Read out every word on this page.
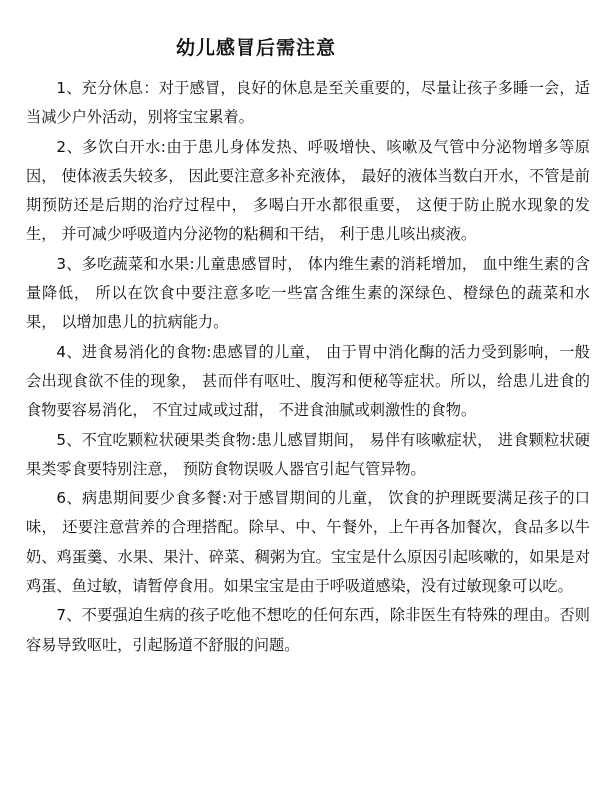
幼儿感冒后需注意

1、充分休息：对于感冒，良好的休息是至关重要的，尽量让孩子多睡一会，适当减少户外活动，别将宝宝累着。

2、多饮白开水:由于患儿身体发热、呼吸增快、咳嗽及气管中分泌物增多等原因， 使体液丢失较多， 因此要注意多补充液体， 最好的液体当数白开水，不管是前期预防还是后期的治疗过程中， 多喝白开水都很重要， 这便于防止脱水现象的发生， 并可减少呼吸道内分泌物的粘稠和干结， 利于患儿咳出痰液。

3、多吃蔬菜和水果:儿童患感冒时， 体内维生素的消耗增加， 血中维生素的含量降低， 所以在饮食中要注意多吃一些富含维生素的深绿色、橙绿色的蔬菜和水果， 以增加患儿的抗病能力。

4、进食易消化的食物:患感冒的儿童， 由于胃中消化酶的活力受到影响，一般会出现食欲不佳的现象， 甚而伴有呕吐、腹泻和便秘等症状。所以，给患儿进食的食物要容易消化， 不宜过咸或过甜， 不进食油腻或刺激性的食物。

5、不宜吃颗粒状硬果类食物:患儿感冒期间， 易伴有咳嗽症状， 进食颗粒状硬果类零食要特别注意， 预防食物误吸人器官引起气管异物。

6、病患期间要少食多餐:对于感冒期间的儿童， 饮食的护理既要满足孩子的口味， 还要注意营养的合理搭配。除早、中、午餐外，上午再各加餐次，食品多以牛奶、鸡蛋羹、水果、果汁、碎菜、稠粥为宜。宝宝是什么原因引起咳嗽的，如果是对鸡蛋、鱼过敏，请暂停食用。如果宝宝是由于呼吸道感染，没有过敏现象可以吃。

7、不要强迫生病的孩子吃他不想吃的任何东西，除非医生有特殊的理由。否则容易导致呕吐，引起肠道不舒服的问题。
